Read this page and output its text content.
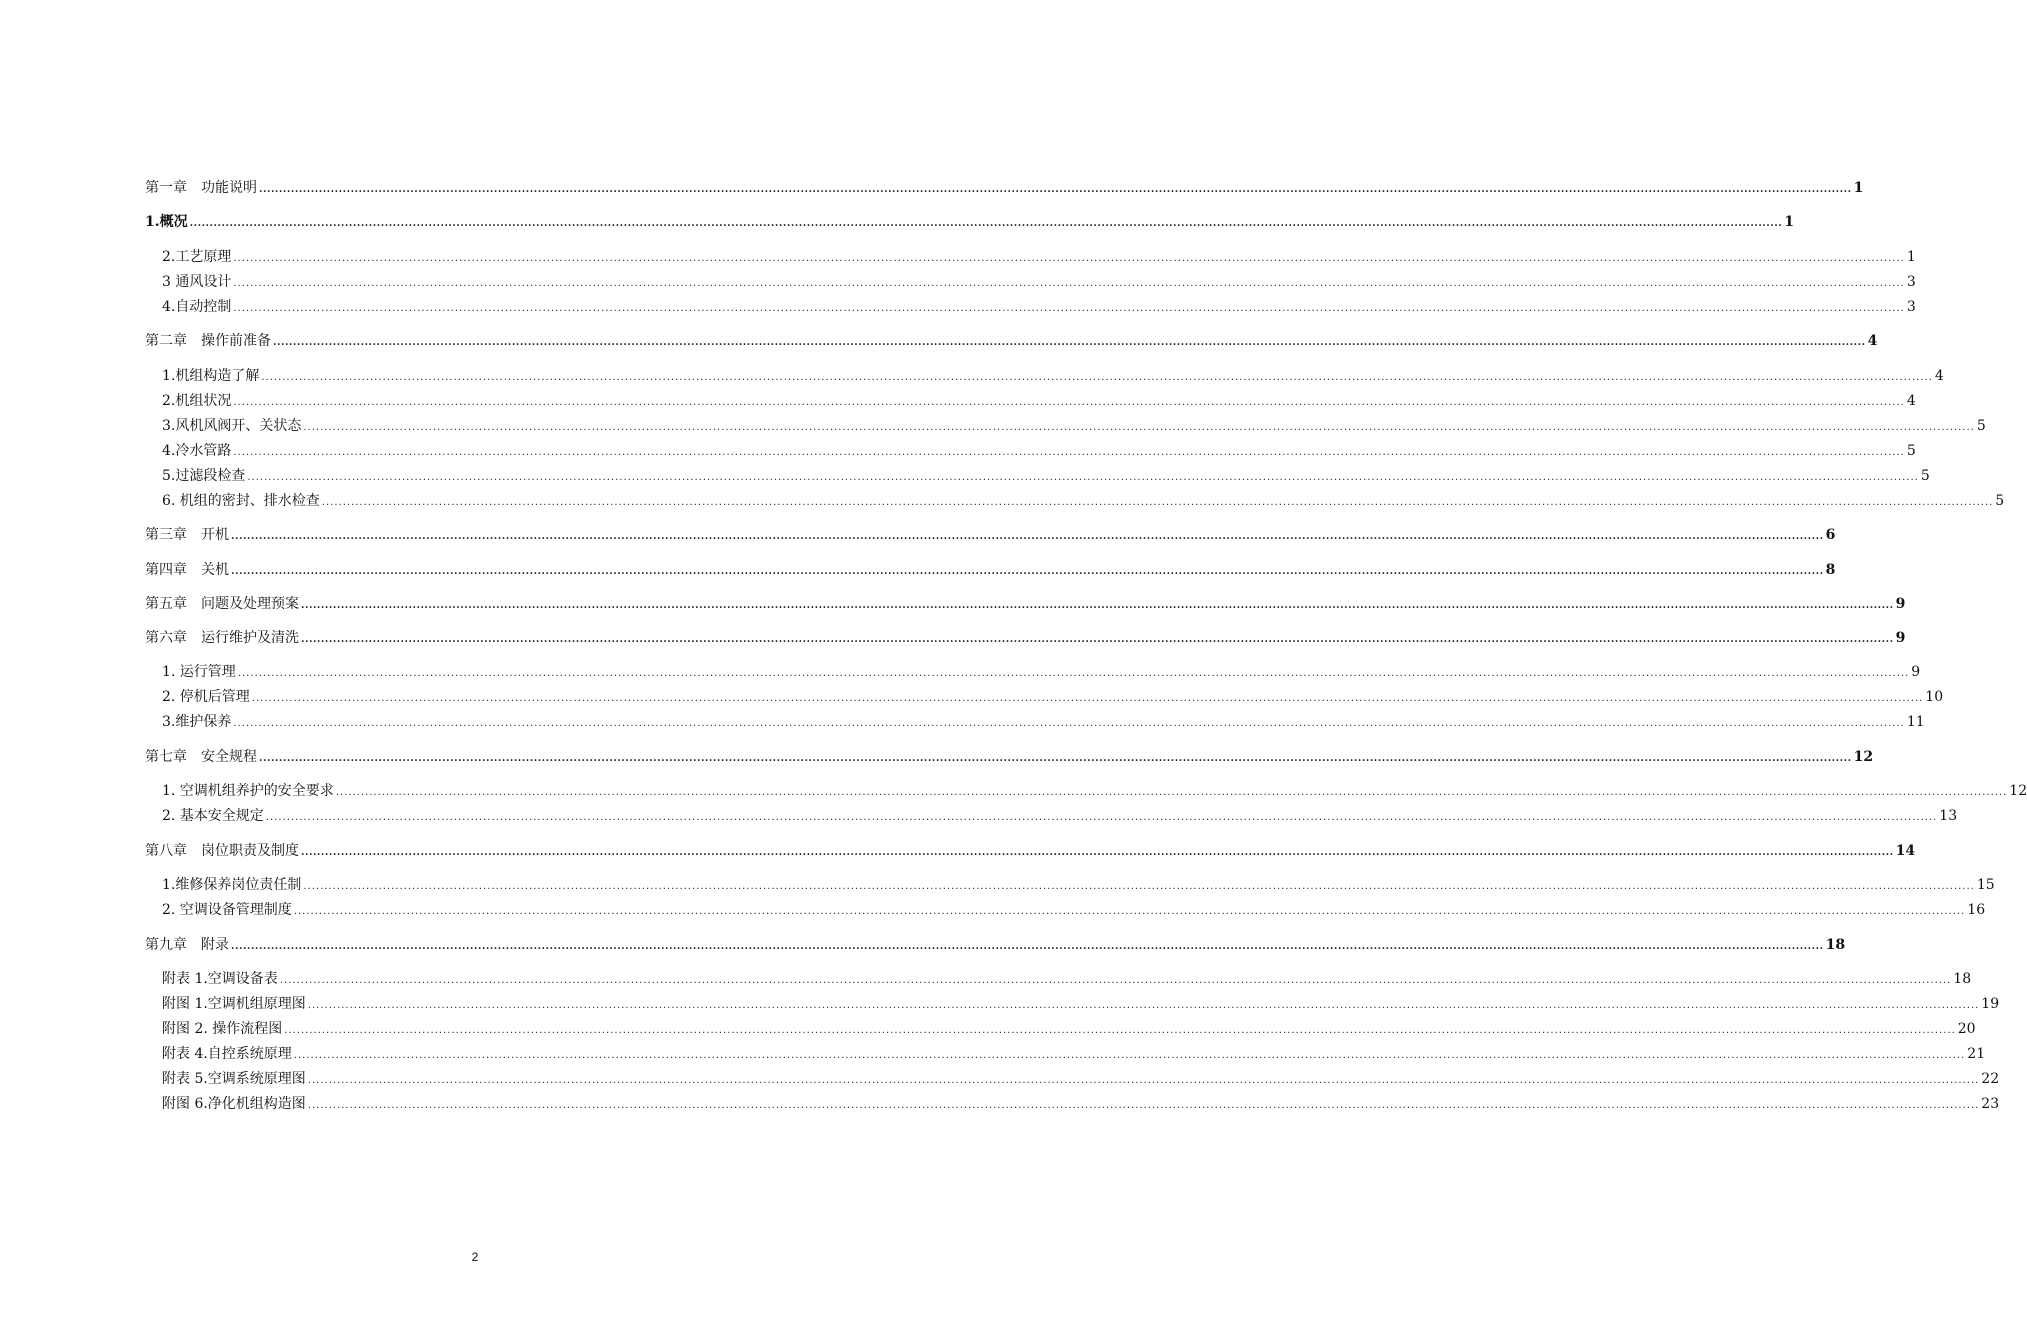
第一章　功能说明 ................................................................................................................................................................................................................................................................................................................................................................................................................ 1
1.概况 ................................................................................................................................................................................................................................................................................................................................................................................................................ 1
2.工艺原理 ................................................................................................................................................................................................................................................................................................................................................................................................................ 1
3 通风设计 ................................................................................................................................................................................................................................................................................................................................................................................................................ 3
4.自动控制 ................................................................................................................................................................................................................................................................................................................................................................................................................ 3
第二章　操作前准备 ................................................................................................................................................................................................................................................................................................................................................................................................................ 4
1.机组构造了解 ................................................................................................................................................................................................................................................................................................................................................................................................................ 4
2.机组状况 ................................................................................................................................................................................................................................................................................................................................................................................................................ 4
3.风机风阀开、关状态 ................................................................................................................................................................................................................................................................................................................................................................................................................ 5
4.冷水管路 ................................................................................................................................................................................................................................................................................................................................................................................................................ 5
5.过滤段检查 ................................................................................................................................................................................................................................................................................................................................................................................................................ 5
6. 机组的密封、排水检查 ................................................................................................................................................................................................................................................................................................................................................................................................................ 5
第三章　开机 ................................................................................................................................................................................................................................................................................................................................................................................................................ 6
第四章　关机 ................................................................................................................................................................................................................................................................................................................................................................................................................ 8
第五章　问题及处理预案 ................................................................................................................................................................................................................................................................................................................................................................................................................ 9
第六章　运行维护及清洗 ................................................................................................................................................................................................................................................................................................................................................................................................................ 9
1. 运行管理 ................................................................................................................................................................................................................................................................................................................................................................................................................ 9
2. 停机后管理 ................................................................................................................................................................................................................................................................................................................................................................................................................ 10
3.维护保养 ................................................................................................................................................................................................................................................................................................................................................................................................................ 11
第七章　安全规程 ................................................................................................................................................................................................................................................................................................................................................................................................................ 12
1. 空调机组养护的安全要求 ................................................................................................................................................................................................................................................................................................................................................................................................................ 12
2. 基本安全规定 ................................................................................................................................................................................................................................................................................................................................................................................................................ 13
第八章　岗位职责及制度 ................................................................................................................................................................................................................................................................................................................................................................................................................ 14
1.维修保养岗位责任制 ................................................................................................................................................................................................................................................................................................................................................................................................................ 15
2. 空调设备管理制度 ................................................................................................................................................................................................................................................................................................................................................................................................................ 16
第九章　附录 ................................................................................................................................................................................................................................................................................................................................................................................................................ 18
附表 1.空调设备表 ................................................................................................................................................................................................................................................................................................................................................................................................................ 18
附图 1.空调机组原理图 ................................................................................................................................................................................................................................................................................................................................................................................................................ 19
附图 2. 操作流程图 ................................................................................................................................................................................................................................................................................................................................................................................................................ 20
附表 4.自控系统原理 ................................................................................................................................................................................................................................................................................................................................................................................................................ 21
附表 5.空调系统原理图 ................................................................................................................................................................................................................................................................................................................................................................................................................ 22
附图 6.净化机组构造图 ................................................................................................................................................................................................................................................................................................................................................................................................................ 23
2
